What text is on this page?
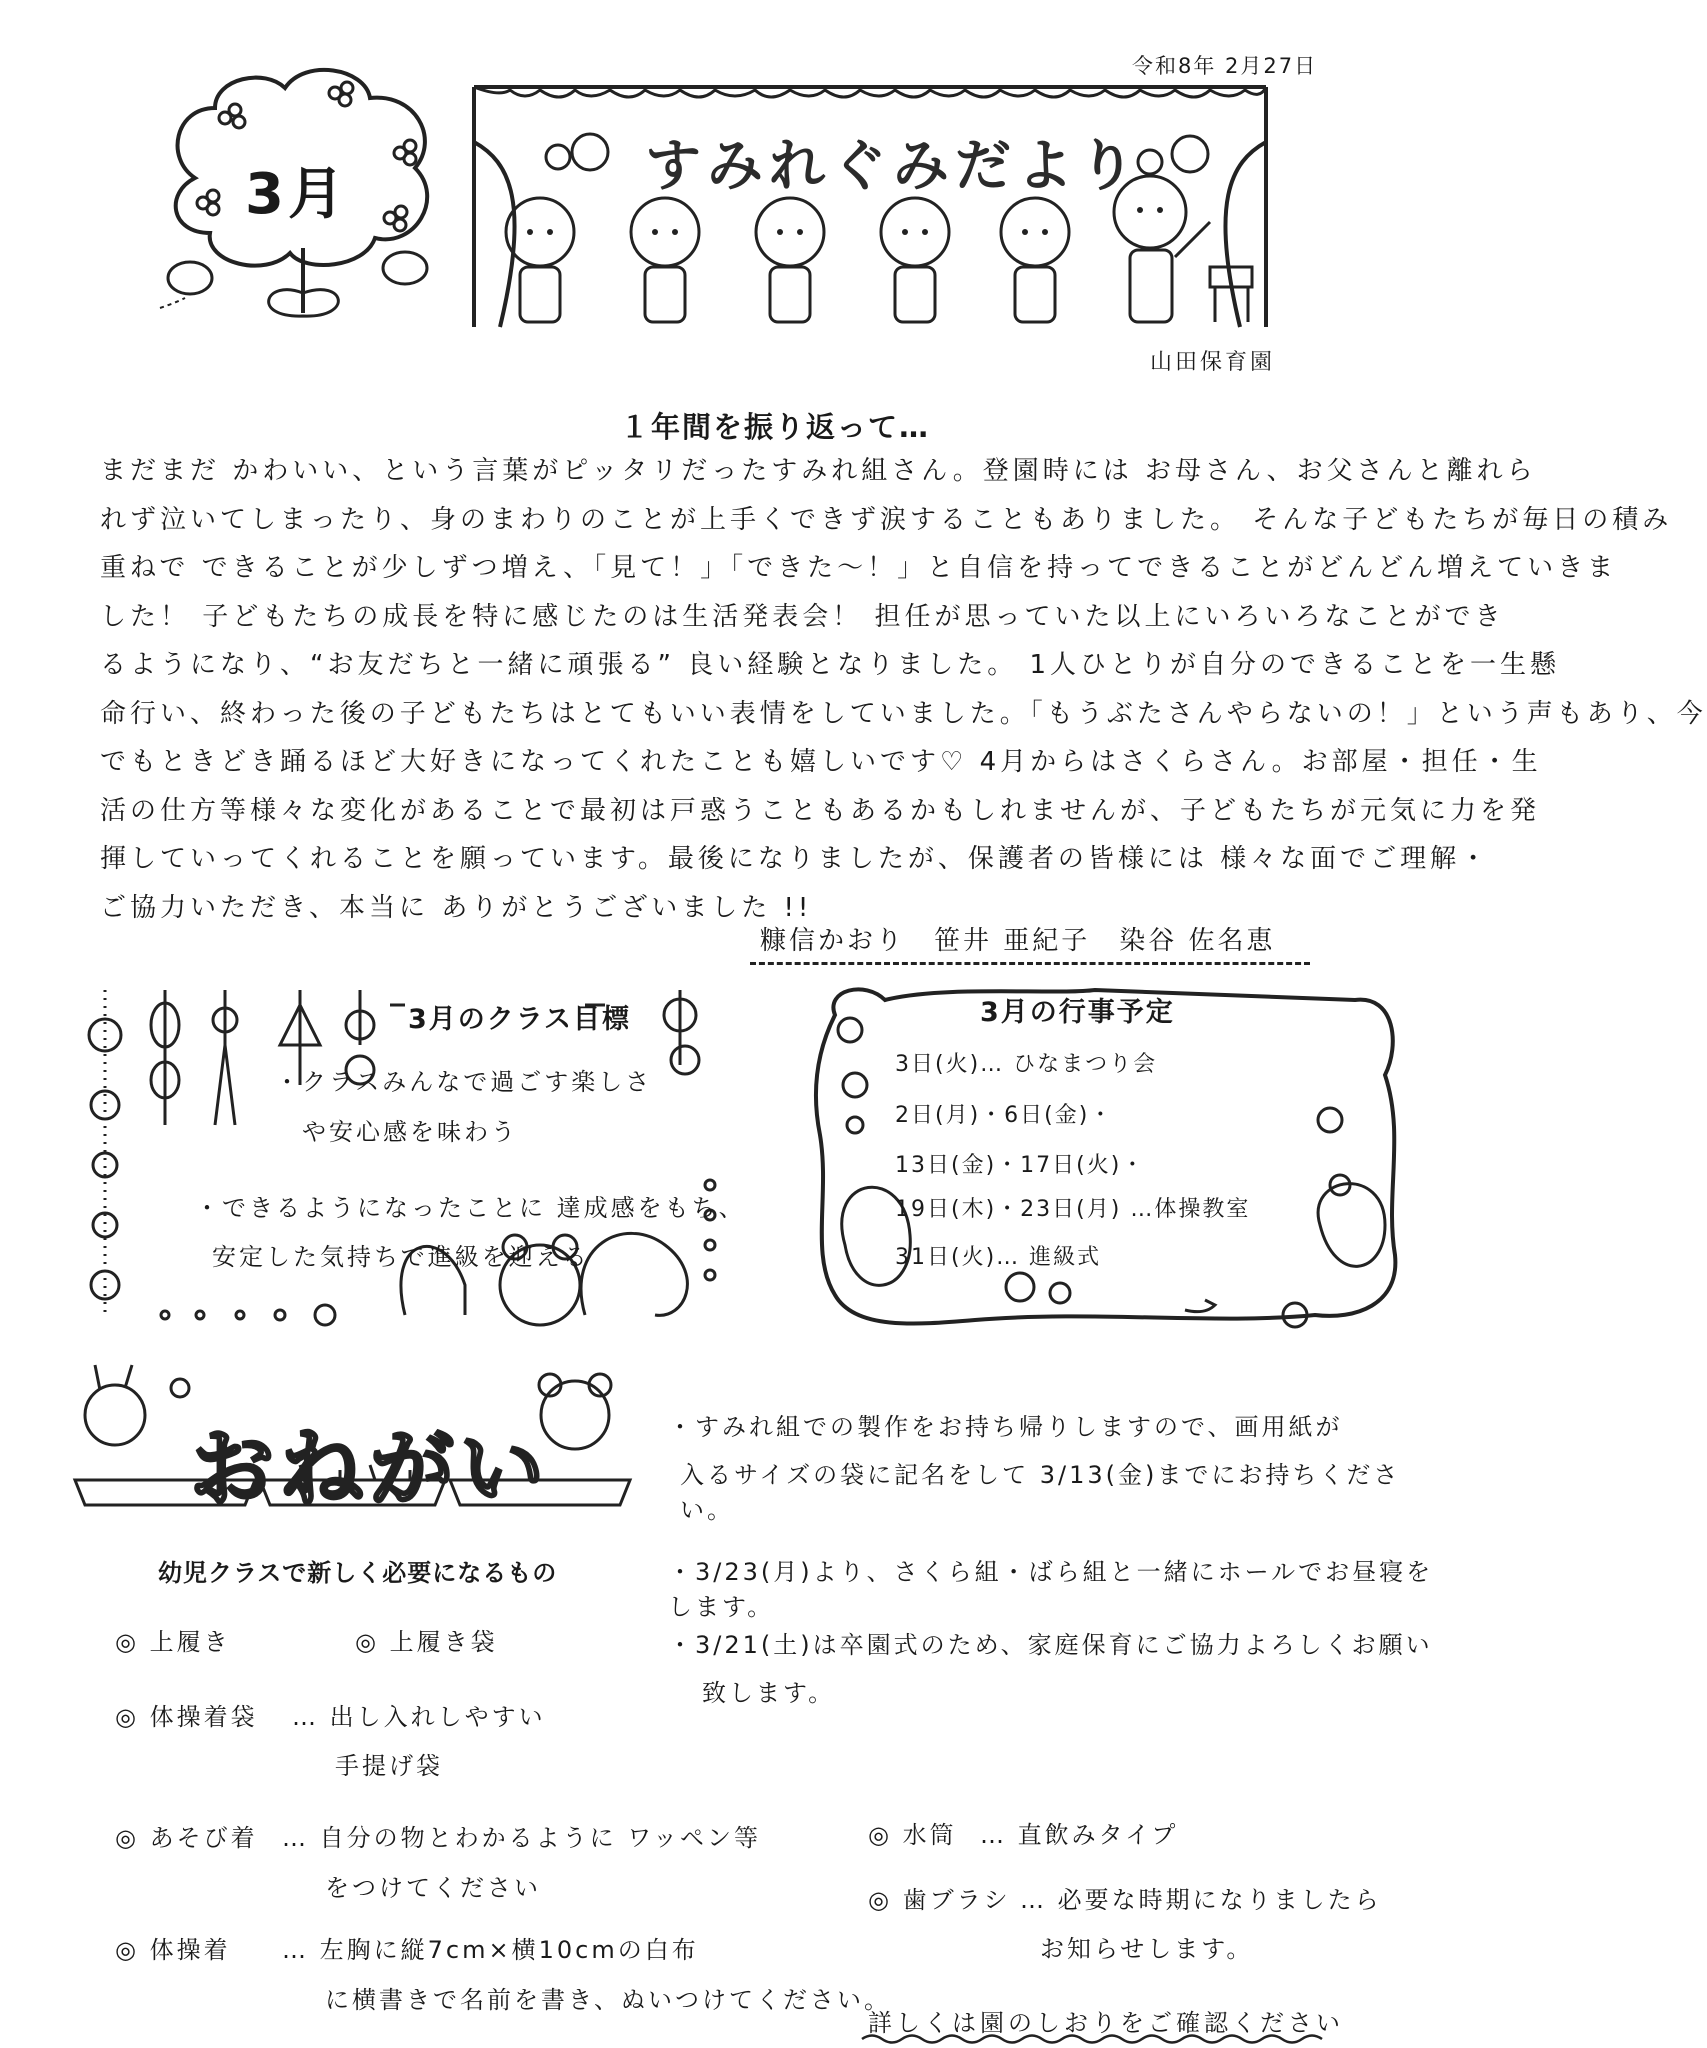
令和8年 2月27日
3月	すみれぐみだより
山田保育園
１年間を振り返って…

まだまだ かわいい、という言葉がピッタリだったすみれ組さん。登園時には お母さん、お父さんと離れら

れず泣いてしまったり、身のまわりのことが上手くできず涙することもありました。 そんな子どもたちが毎日の積み

重ねで できることが少しずつ増え、「見て！」「できた～！」と自信を持ってできることがどんどん増えていきま

した！ 子どもたちの成長を特に感じたのは生活発表会！ 担任が思っていた以上にいろいろなことができ

るようになり、“お友だちと一緒に頑張る” 良い経験となりました。 1人ひとりが自分のできることを一生懸

命行い、終わった後の子どもたちはとてもいい表情をしていました。「もうぶたさんやらないの！」という声もあり、今

でもときどき踊るほど大好きになってくれたことも嬉しいです♡ 4月からはさくらさん。お部屋・担任・生

活の仕方等様々な変化があることで最初は戸惑うこともあるかもしれませんが、子どもたちが元気に力を発

揮していってくれることを願っています。最後になりましたが、保護者の皆様には 様々な面でご理解・

ご協力いただき、本当に ありがとうございました !!

糠信かおり　笹井 亜紀子　染谷 佐名恵
3月のクラス目標
・クラスみんなで過ごす楽しさ
や安心感を味わう
・できるようになったことに 達成感をもち、
安定した気持ちで進級を迎える
3月の行事予定
3日(火)… ひなまつり会
2日(月)・6日(金)・
13日(金)・17日(火)・
19日(木)・23日(月) …体操教室
31日(火)… 進級式
おねがい	・すみれ組での製作をお持ち帰りしますので、画用紙が
入るサイズの袋に記名をして 3/13(金)までにお持ちください。
・3/23(月)より、さくら組・ばら組と一緒にホールでお昼寝をします。
・3/21(土)は卒園式のため、家庭保育にご協力よろしくお願い
致します。
幼児クラスで新しく必要になるもの
◎ 上履き	◎ 上履き袋
◎ 体操着袋 … 出し入れしやすい
手提げ袋
◎ あそび着 … 自分の物とわかるように ワッペン等
をつけてください
◎ 体操着 … 左胸に縦7cm×横10cmの白布
に横書きで名前を書き、ぬいつけてください。
◎ 水筒 … 直飲みタイプ
◎ 歯ブラシ … 必要な時期になりましたら
お知らせします。
詳しくは園のしおりをご確認ください
